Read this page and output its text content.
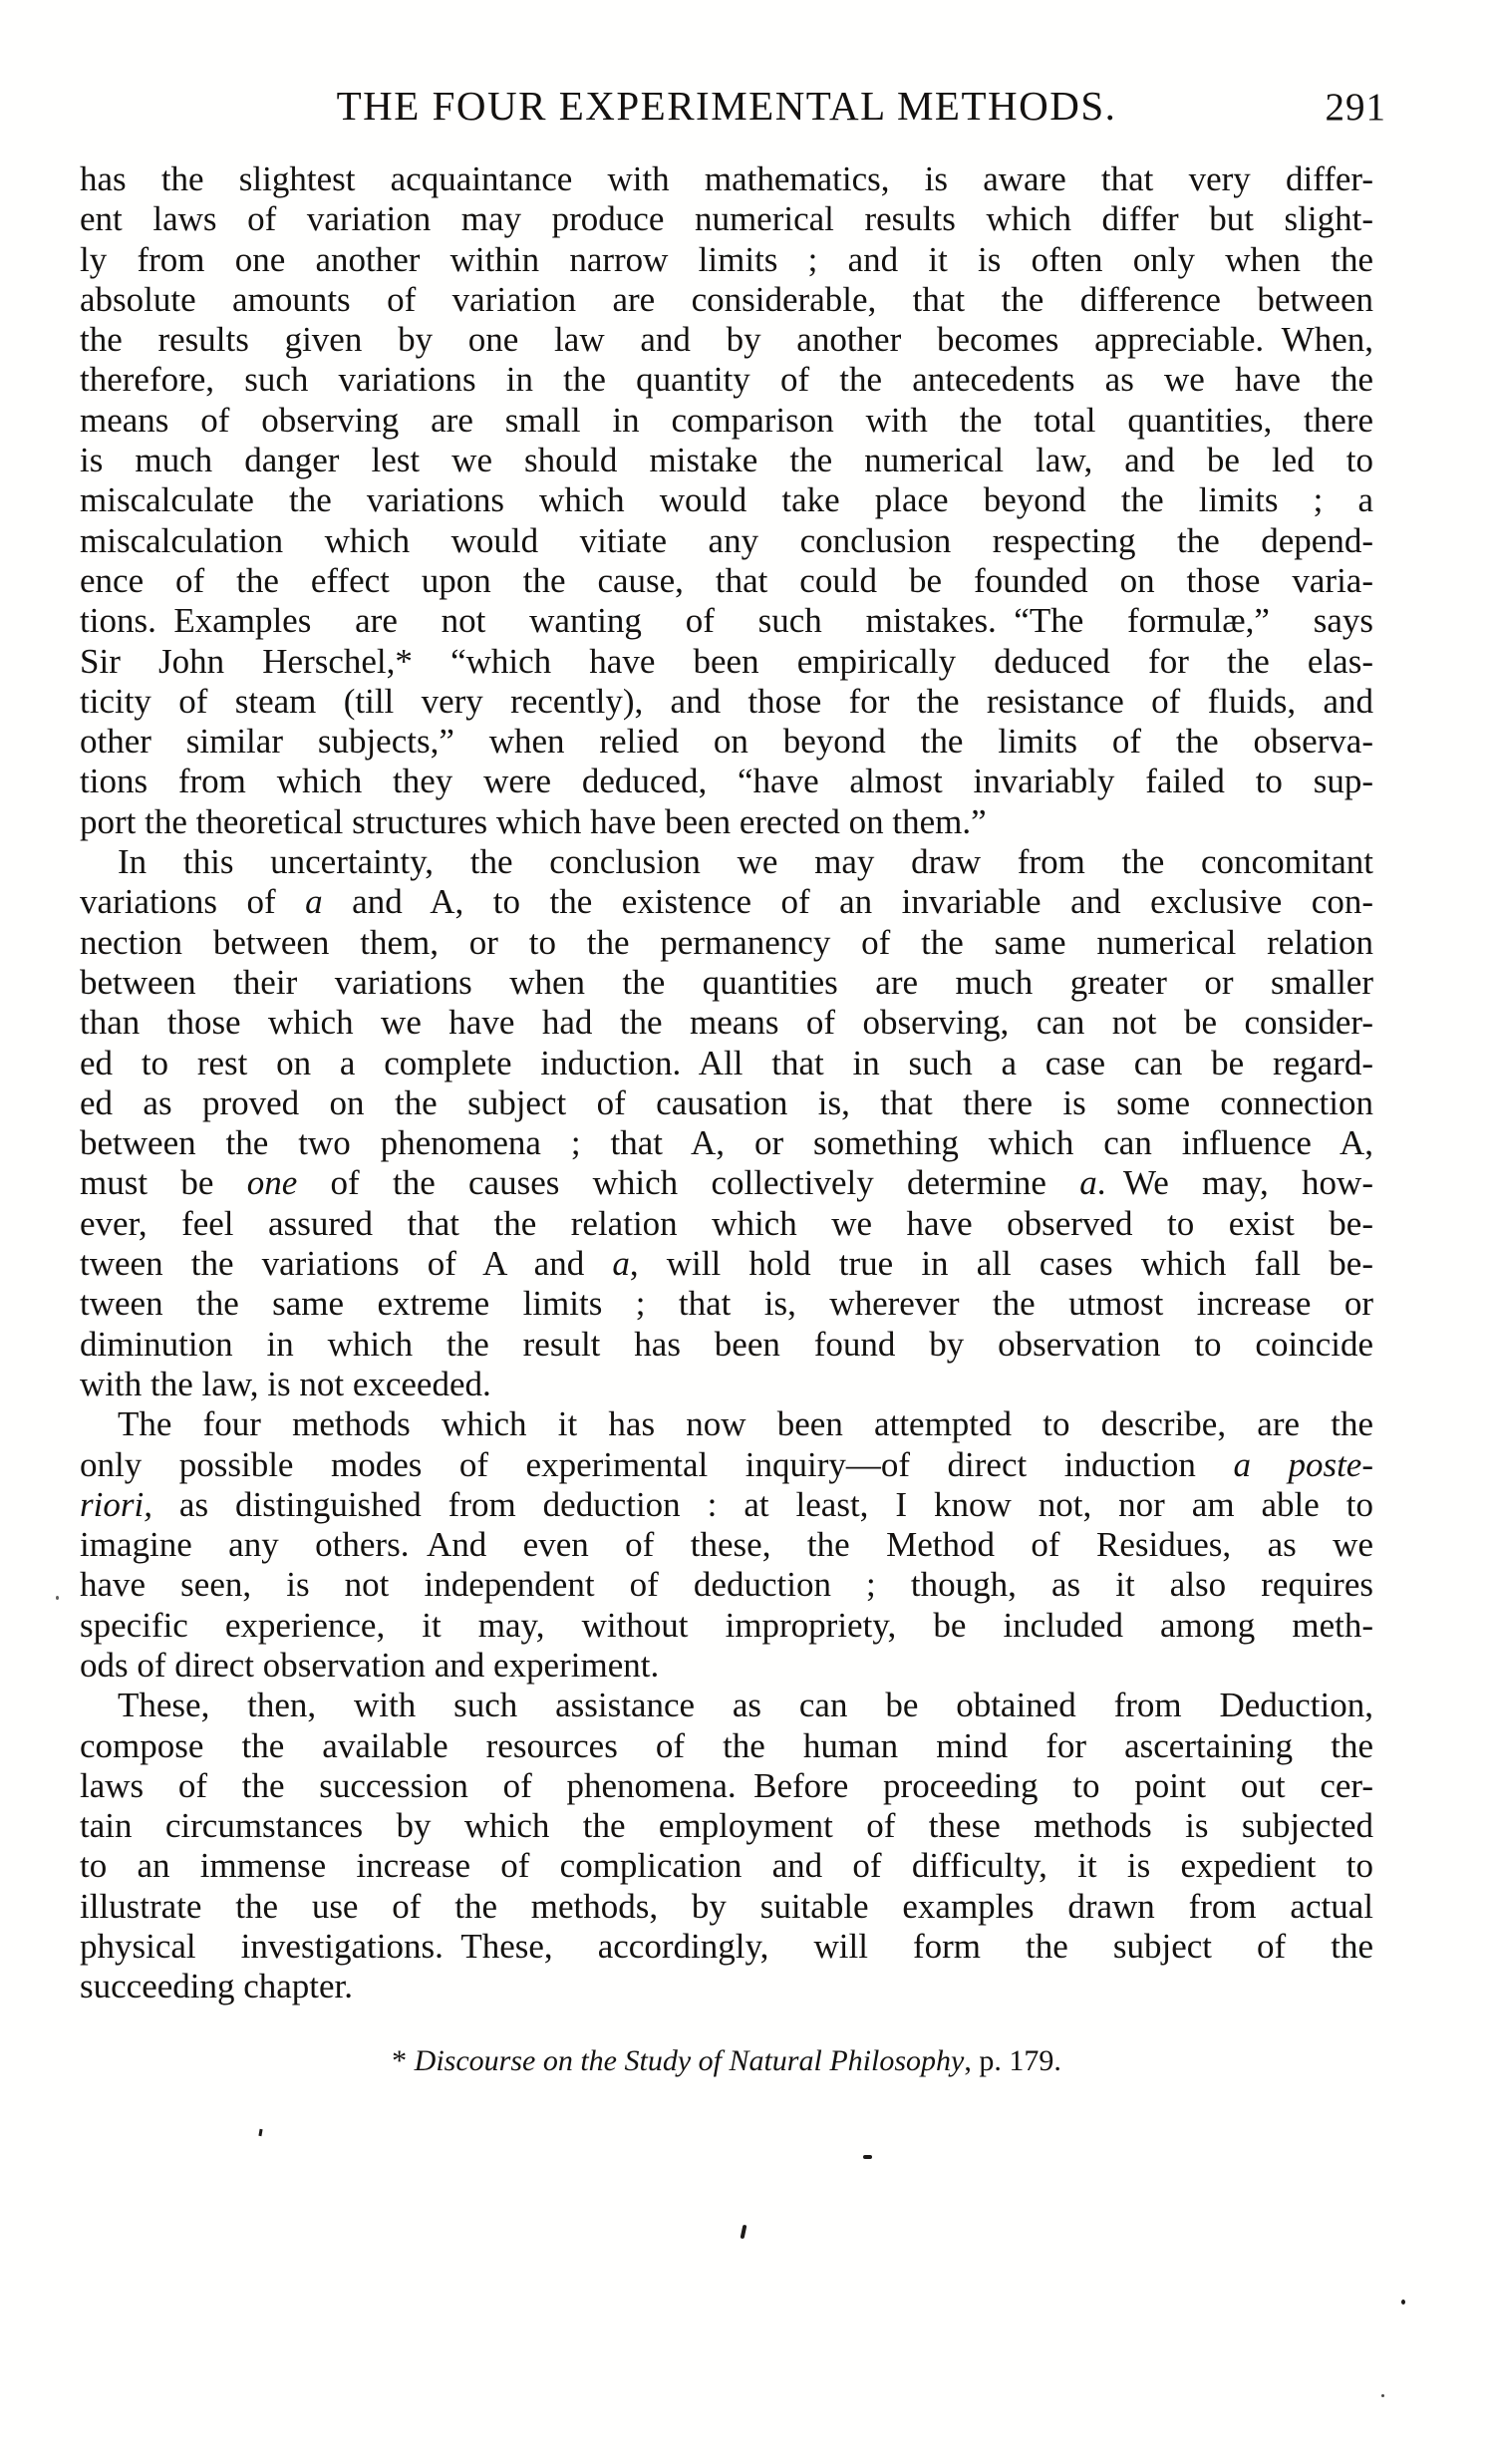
THE FOUR EXPERIMENTAL METHODS.	291
has the slightest acquaintance with mathematics, is aware that very differ-
ent laws of variation may produce numerical results which differ but slight-
ly from one another within narrow limits ; and it is often only when the
absolute amounts of variation are considerable, that the difference between
the results given by one law and by another becomes appreciable. When,
therefore, such variations in the quantity of the antecedents as we have the
means of observing are small in comparison with the total quantities, there
is much danger lest we should mistake the numerical law, and be led to
miscalculate the variations which would take place beyond the limits ; a
miscalculation which would vitiate any conclusion respecting the depend-
ence of the effect upon the cause, that could be founded on those varia-
tions. Examples are not wanting of such mistakes. “The formulæ,” says
Sir John Herschel,* “which have been empirically deduced for the elas-
ticity of steam (till very recently), and those for the resistance of fluids, and
other similar subjects,” when relied on beyond the limits of the observa-
tions from which they were deduced, “have almost invariably failed to sup-
port the theoretical structures which have been erected on them.”
In this uncertainty, the conclusion we may draw from the concomitant
variations of a and A, to the existence of an invariable and exclusive con-
nection between them, or to the permanency of the same numerical relation
between their variations when the quantities are much greater or smaller
than those which we have had the means of observing, can not be consider-
ed to rest on a complete induction. All that in such a case can be regard-
ed as proved on the subject of causation is, that there is some connection
between the two phenomena ; that A, or something which can influence A,
must be one of the causes which collectively determine a. We may, how-
ever, feel assured that the relation which we have observed to exist be-
tween the variations of A and a, will hold true in all cases which fall be-
tween the same extreme limits ; that is, wherever the utmost increase or
diminution in which the result has been found by observation to coincide
with the law, is not exceeded.
The four methods which it has now been attempted to describe, are the
only possible modes of experimental inquiry—of direct induction a poste-
riori, as distinguished from deduction : at least, I know not, nor am able to
imagine any others. And even of these, the Method of Residues, as we
have seen, is not independent of deduction ; though, as it also requires
specific experience, it may, without impropriety, be included among meth-
ods of direct observation and experiment.
These, then, with such assistance as can be obtained from Deduction,
compose the available resources of the human mind for ascertaining the
laws of the succession of phenomena. Before proceeding to point out cer-
tain circumstances by which the employment of these methods is subjected
to an immense increase of complication and of difficulty, it is expedient to
illustrate the use of the methods, by suitable examples drawn from actual
physical investigations. These, accordingly, will form the subject of the
succeeding chapter.
* Discourse on the Study of Natural Philosophy, p. 179.
